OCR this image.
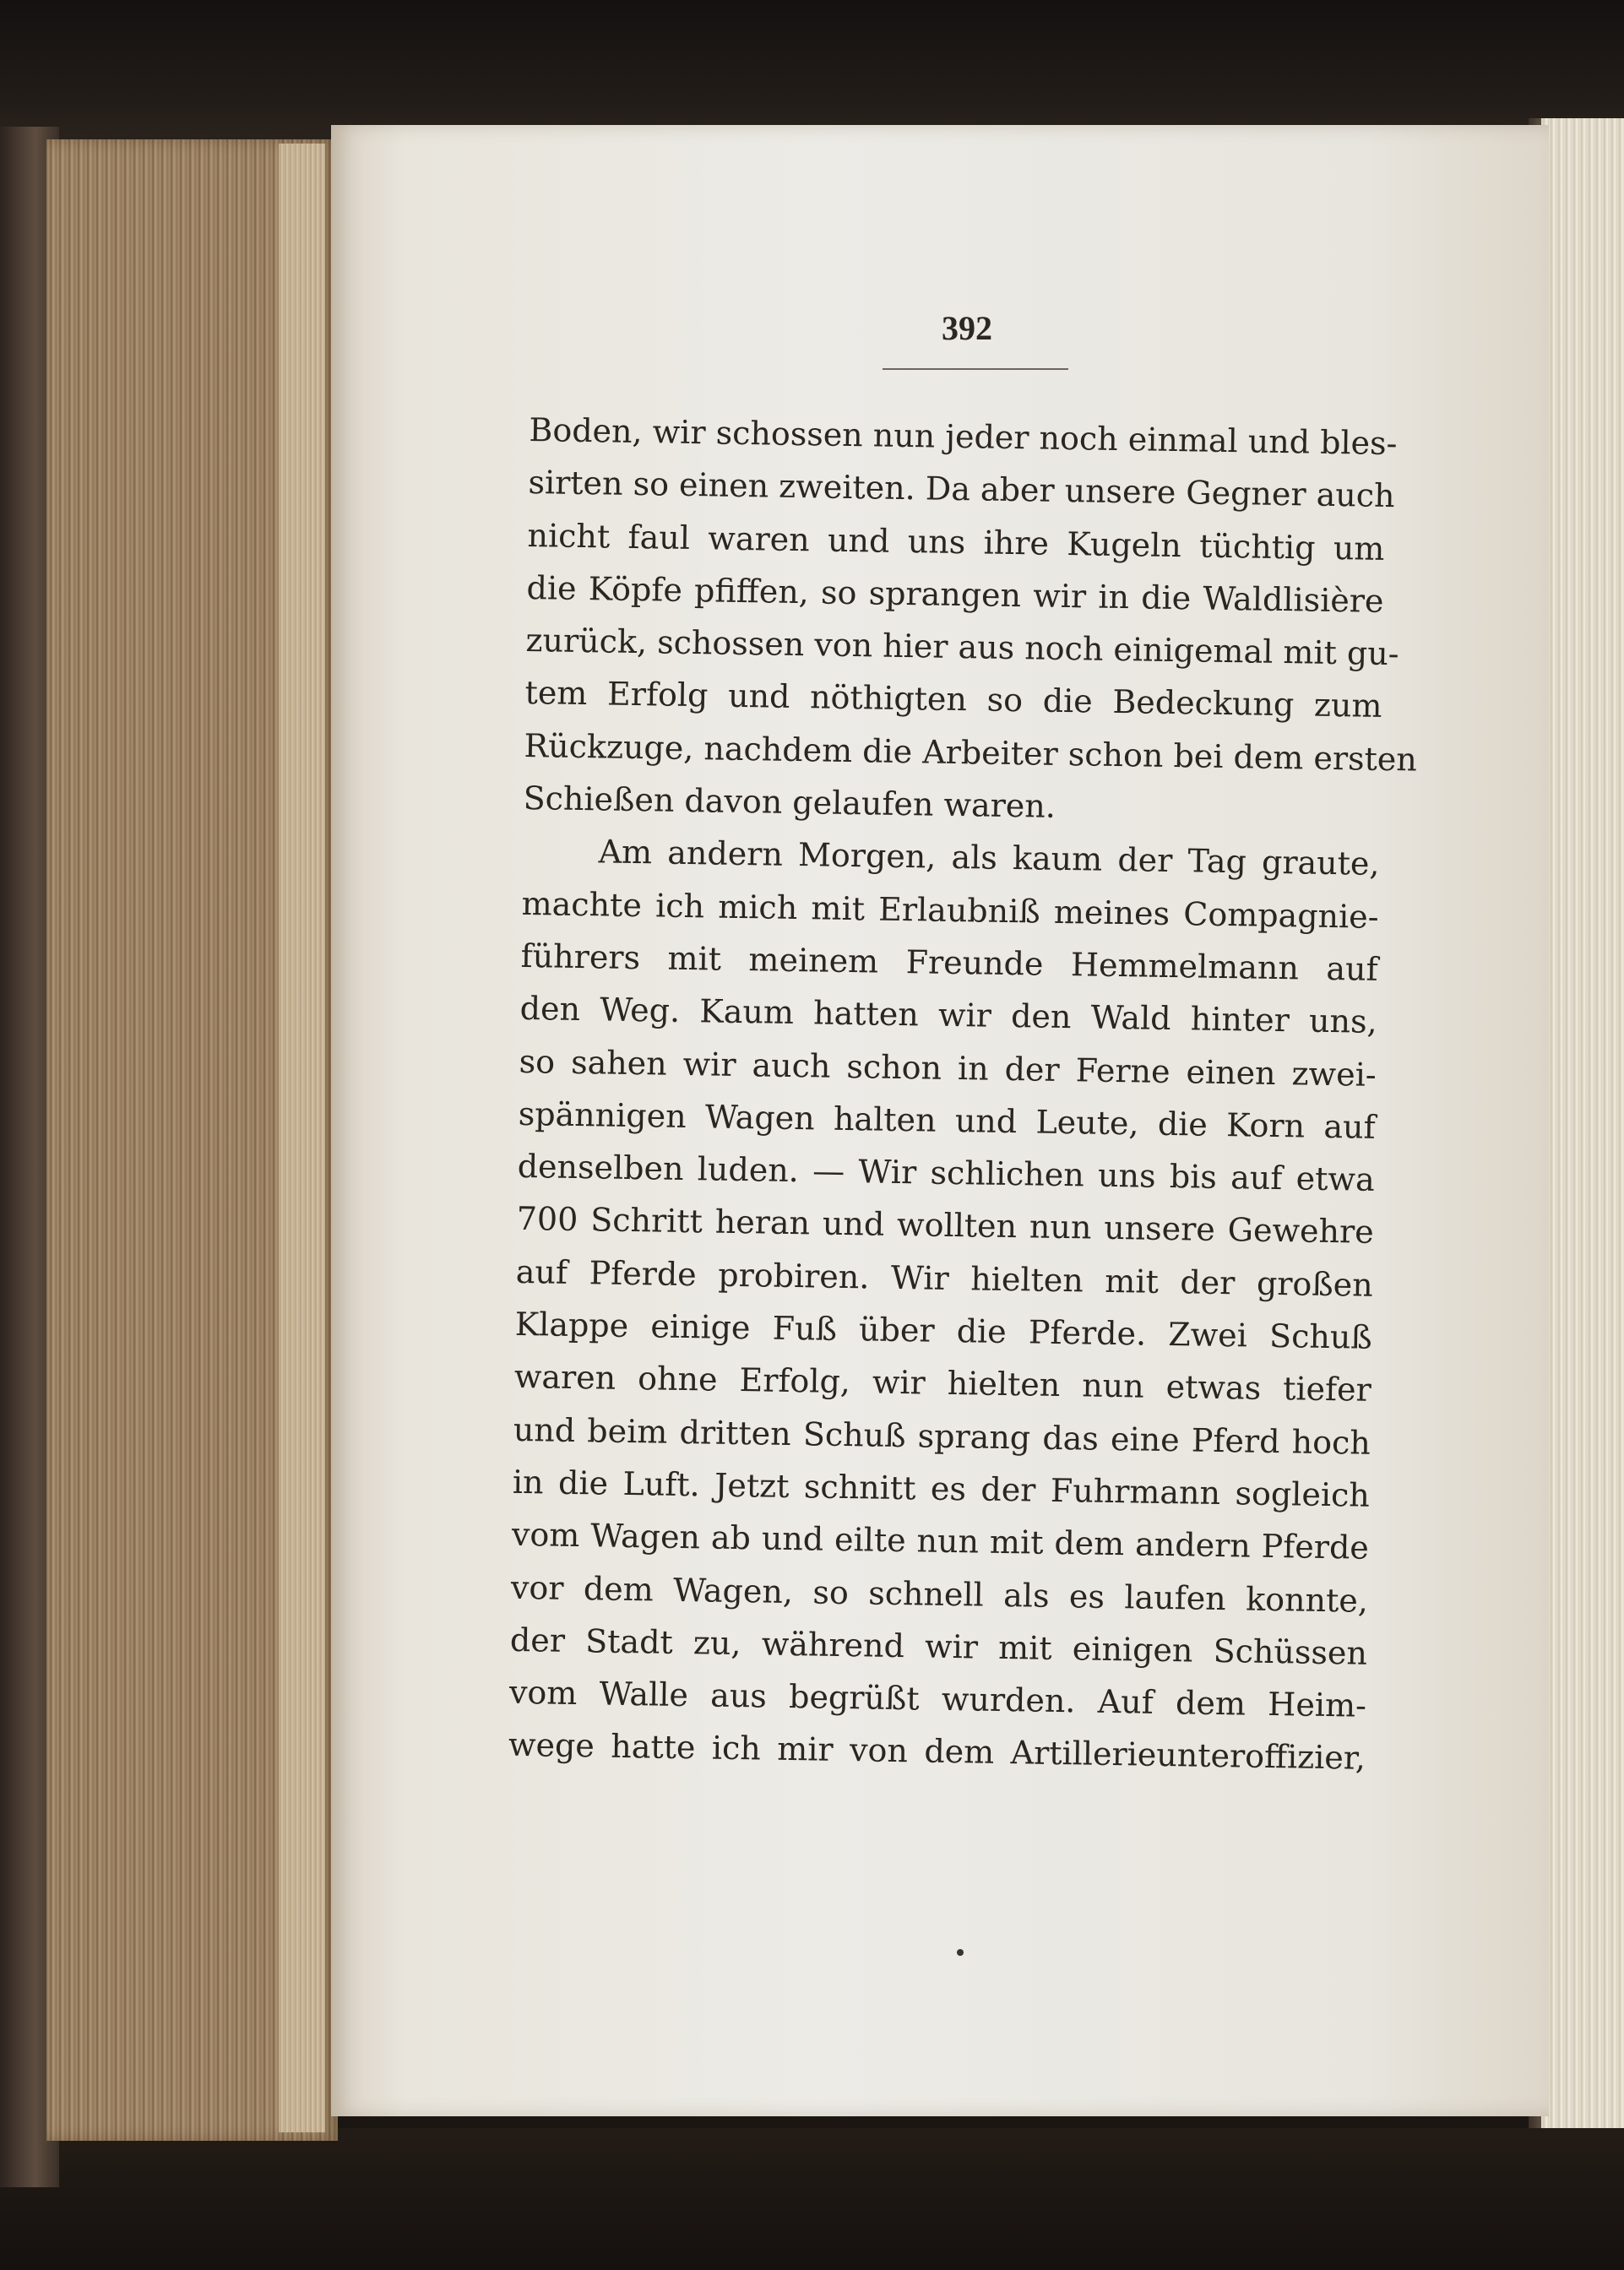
392
Boden, wir schossen nun jeder noch einmal und bles-
sirten so einen zweiten. Da aber unsere Gegner auch
nicht faul waren und uns ihre Kugeln tüchtig um
die Köpfe pfiffen, so sprangen wir in die Waldlisière
zurück, schossen von hier aus noch einigemal mit gu-
tem Erfolg und nöthigten so die Bedeckung zum
Rückzuge, nachdem die Arbeiter schon bei dem ersten
Schießen davon gelaufen waren.
Am andern Morgen, als kaum der Tag graute,
machte ich mich mit Erlaubniß meines Compagnie-
führers mit meinem Freunde Hemmelmann auf
den Weg. Kaum hatten wir den Wald hinter uns,
so sahen wir auch schon in der Ferne einen zwei-
spännigen Wagen halten und Leute, die Korn auf
denselben luden. — Wir schlichen uns bis auf etwa
700 Schritt heran und wollten nun unsere Gewehre
auf Pferde probiren. Wir hielten mit der großen
Klappe einige Fuß über die Pferde. Zwei Schuß
waren ohne Erfolg, wir hielten nun etwas tiefer
und beim dritten Schuß sprang das eine Pferd hoch
in die Luft. Jetzt schnitt es der Fuhrmann sogleich
vom Wagen ab und eilte nun mit dem andern Pferde
vor dem Wagen, so schnell als es laufen konnte,
der Stadt zu, während wir mit einigen Schüssen
vom Walle aus begrüßt wurden. Auf dem Heim-
wege hatte ich mir von dem Artillerieunteroffizier,
